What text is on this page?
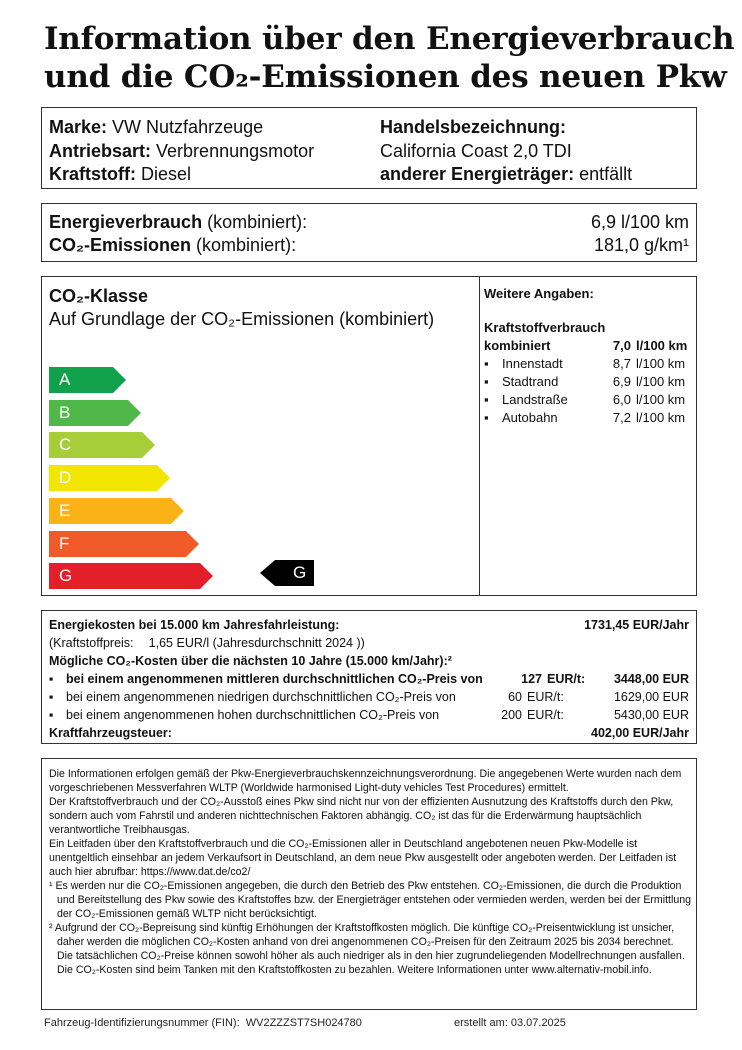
Information über den Energieverbrauch
und die CO₂-Emissionen des neuen Pkw
Marke: VW Nutzfahrzeuge
Antriebsart: Verbrennungsmotor
Kraftstoff: Diesel
Handelsbezeichnung:
California Coast 2,0 TDI
anderer Energieträger: entfällt
Energieverbrauch (kombiniert):	6,9 l/100 km
CO₂-Emissionen (kombiniert):	181,0 g/km¹
CO₂-Klasse
Auf Grundlage der CO₂-Emissionen (kombiniert)
A
B
C
D
E
F
G	G
Weitere Angaben:
Kraftstoffverbrauch
kombiniert	7,0 l/100 km
▪ Innenstadt	8,7 l/100 km
▪ Stadtrand	6,9 l/100 km
▪ Landstraße	6,0 l/100 km
▪ Autobahn	7,2 l/100 km
Energiekosten bei 15.000 km Jahresfahrleistung:	1731,45 EUR/Jahr
(Kraftstoffpreis: 1,65 EUR/l (Jahresdurchschnitt 2024 ))
Mögliche CO₂-Kosten über die nächsten 10 Jahre (15.000 km/Jahr):²
▪ bei einem angenommenen mittleren durchschnittlichen CO₂-Preis von	127 EUR/t: 3448,00 EUR
▪ bei einem angenommenen niedrigen durchschnittlichen CO₂-Preis von	60 EUR/t:	1629,00 EUR
▪ bei einem angenommenen hohen durchschnittlichen CO₂-Preis von	200 EUR/t:	5430,00 EUR
Kraftfahrzeugsteuer:	402,00 EUR/Jahr

Die Informationen erfolgen gemäß der Pkw-Energieverbrauchskennzeichnungsverordnung. Die angegebenen Werte wurden nach dem vorgeschriebenen Messverfahren WLTP (Worldwide harmonised Light-duty vehicles Test Procedures) ermittelt.

Der Kraftstoffverbrauch und der CO₂-Ausstoß eines Pkw sind nicht nur von der effizienten Ausnutzung des Kraftstoffs durch den Pkw, sondern auch vom Fahrstil und anderen nichttechnischen Faktoren abhängig. CO₂ ist das für die Erderwärmung hauptsächlich verantwortliche Treibhausgas.

Ein Leitfaden über den Kraftstoffverbrauch und die CO₂-Emissionen aller in Deutschland angebotenen neuen Pkw-Modelle ist unentgeltlich einsehbar an jedem Verkaufsort in Deutschland, an dem neue Pkw ausgestellt oder angeboten werden. Der Leitfaden ist auch hier abrufbar: https://www.dat.de/co2/

¹ Es werden nur die CO₂-Emissionen angegeben, die durch den Betrieb des Pkw entstehen. CO₂-Emissionen, die durch die Produktion und Bereitstellung des Pkw sowie des Kraftstoffes bzw. der Energieträger entstehen oder vermieden werden, werden bei der Ermittlung der CO₂-Emissionen gemäß WLTP nicht berücksichtigt.

² Aufgrund der CO₂-Bepreisung sind künftig Erhöhungen der Kraftstoffkosten möglich. Die künftige CO₂-Preisentwicklung ist unsicher, daher werden die möglichen CO₂-Kosten anhand von drei angenommenen CO₂-Preisen für den Zeitraum 2025 bis 2034 berechnet. Die tatsächlichen CO₂-Preise können sowohl höher als auch niedriger als in den hier zugrundeliegenden Modellrechnungen ausfallen. Die CO₂-Kosten sind beim Tanken mit den Kraftstoffkosten zu bezahlen. Weitere Informationen unter www.alternativ-mobil.info.

Fahrzeug-Identifizierungsnummer (FIN): WV2ZZZST7SH024780	erstellt am: 03.07.2025
